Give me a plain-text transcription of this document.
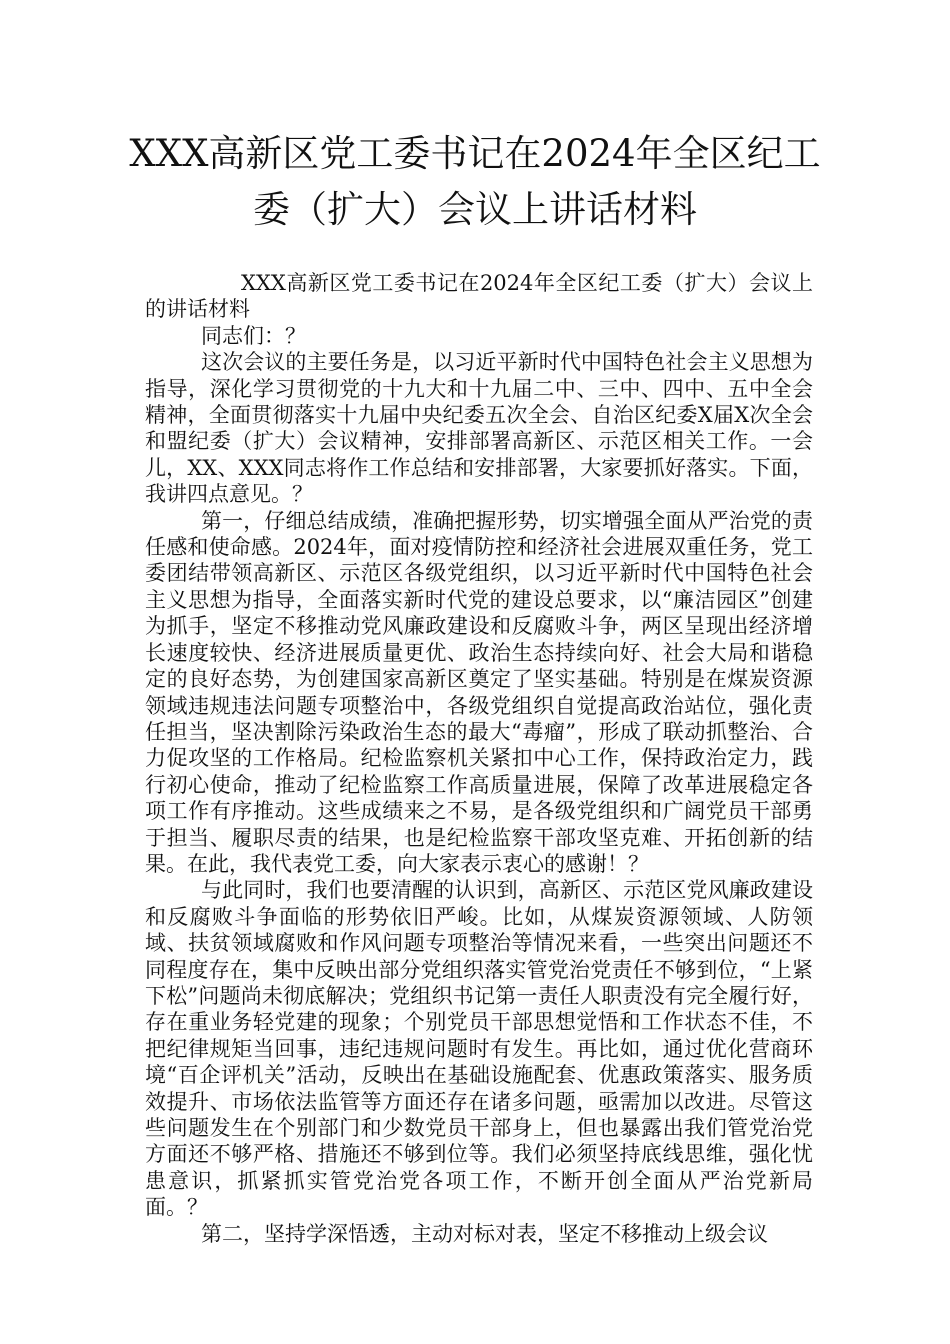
XXX高新区党工委书记在2024年全区纪工委（扩大）会议上讲话材料

XXX高新区党工委书记在2024年全区纪工委（扩大）会议上的讲话材料

同志们：？

这次会议的主要任务是，以习近平新时代中国特色社会主义思想为指导，深化学习贯彻党的十九大和十九届二中、三中、四中、五中全会精神，全面贯彻落实十九届中央纪委五次全会、自治区纪委X届X次全会和盟纪委（扩大）会议精神，安排部署高新区、示范区相关工作。一会儿，XX、XXX同志将作工作总结和安排部署，大家要抓好落实。下面，我讲四点意见。？

第一，仔细总结成绩，准确把握形势，切实增强全面从严治党的责任感和使命感。2024年，面对疫情防控和经济社会进展双重任务，党工委团结带领高新区、示范区各级党组织，以习近平新时代中国特色社会主义思想为指导，全面落实新时代党的建设总要求，以“廉洁园区”创建为抓手，坚定不移推动党风廉政建设和反腐败斗争，两区呈现出经济增长速度较快、经济进展质量更优、政治生态持续向好、社会大局和谐稳定的良好态势，为创建国家高新区奠定了坚实基础。特别是在煤炭资源领域违规违法问题专项整治中，各级党组织自觉提高政治站位，强化责任担当，坚决割除污染政治生态的最大“毒瘤”，形成了联动抓整治、合力促攻坚的工作格局。纪检监察机关紧扣中心工作，保持政治定力，践行初心使命，推动了纪检监察工作高质量进展，保障了改革进展稳定各项工作有序推动。这些成绩来之不易，是各级党组织和广阔党员干部勇于担当、履职尽责的结果，也是纪检监察干部攻坚克难、开拓创新的结果。在此，我代表党工委，向大家表示衷心的感谢！？

与此同时，我们也要清醒的认识到，高新区、示范区党风廉政建设和反腐败斗争面临的形势依旧严峻。比如，从煤炭资源领域、人防领域、扶贫领域腐败和作风问题专项整治等情况来看，一些突出问题还不同程度存在，集中反映出部分党组织落实管党治党责任不够到位，“上紧下松”问题尚未彻底解决；党组织书记第一责任人职责没有完全履行好，存在重业务轻党建的现象；个别党员干部思想觉悟和工作状态不佳，不把纪律规矩当回事，违纪违规问题时有发生。再比如，通过优化营商环境“百企评机关”活动，反映出在基础设施配套、优惠政策落实、服务质效提升、市场依法监管等方面还存在诸多问题，亟需加以改进。尽管这些问题发生在个别部门和少数党员干部身上，但也暴露出我们管党治党方面还不够严格、措施还不够到位等。我们必须坚持底线思维，强化忧患意识，抓紧抓实管党治党各项工作，不断开创全面从严治党新局面。？

第二，坚持学深悟透，主动对标对表，坚定不移推动上级会议
